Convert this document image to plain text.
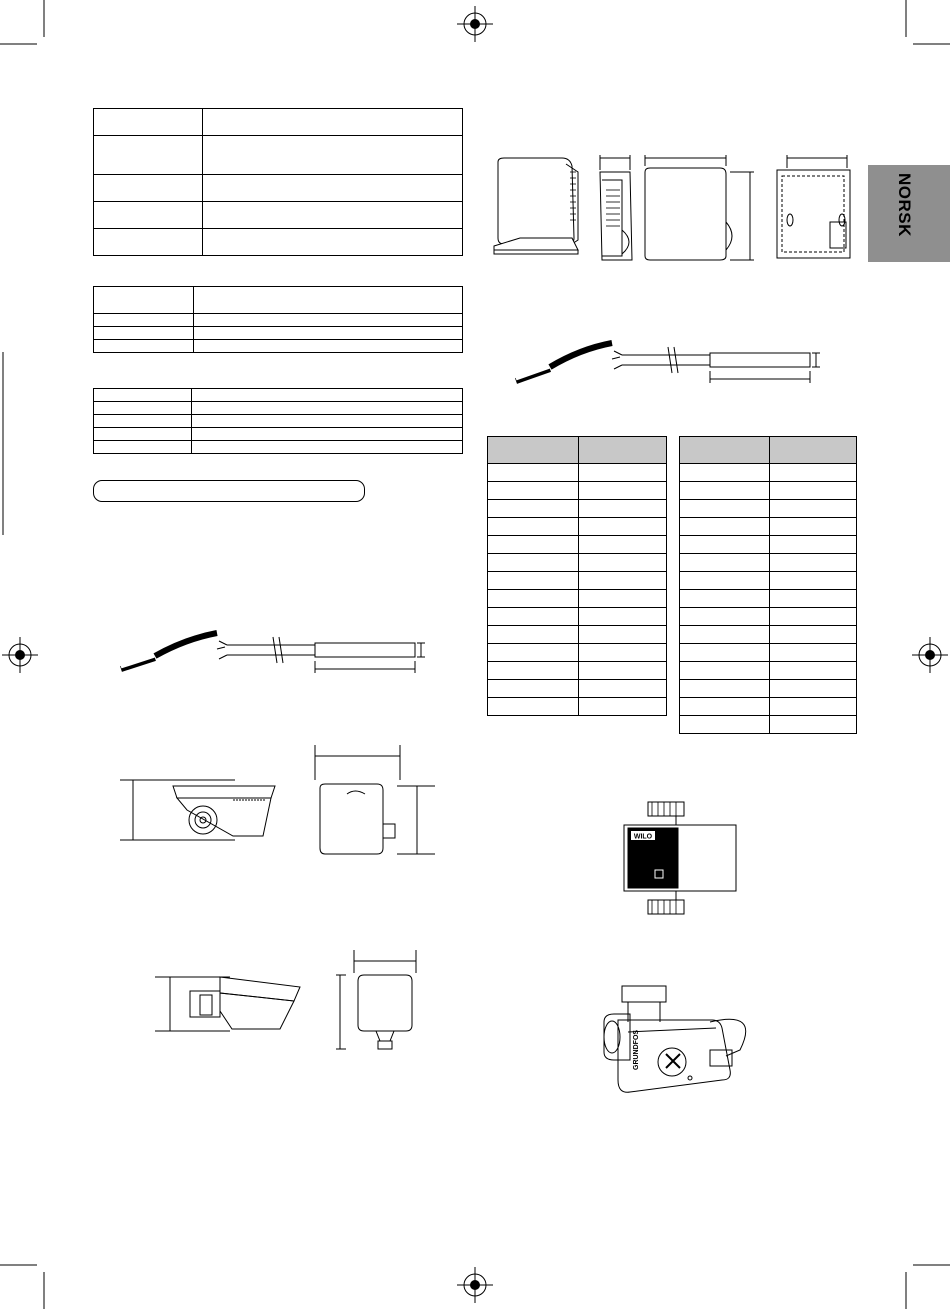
NORSK

WILO
GRUNDFOS
